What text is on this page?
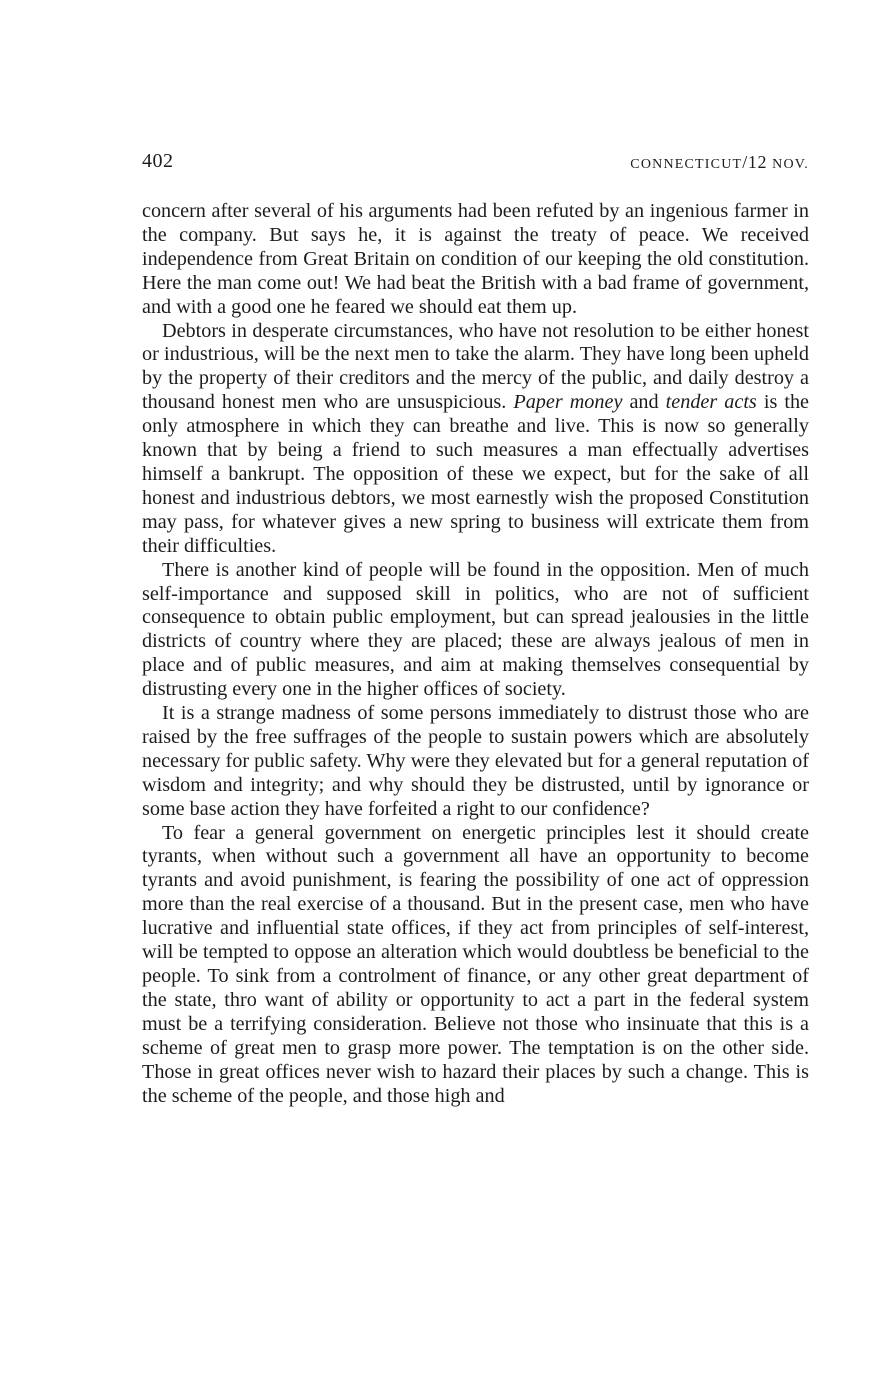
402	CONNECTICUT/12 NOV.

concern after several of his arguments had been refuted by an ingenious farmer in the company. But says he, it is against the treaty of peace. We received independence from Great Britain on condition of our keeping the old constitution. Here the man come out! We had beat the British with a bad frame of government, and with a good one he feared we should eat them up.

Debtors in desperate circumstances, who have not resolution to be either honest or industrious, will be the next men to take the alarm. They have long been upheld by the property of their creditors and the mercy of the public, and daily destroy a thousand honest men who are unsuspicious. Paper money and tender acts is the only atmosphere in which they can breathe and live. This is now so generally known that by being a friend to such measures a man effectually advertises himself a bankrupt. The opposition of these we expect, but for the sake of all honest and industrious debtors, we most earnestly wish the proposed Constitution may pass, for whatever gives a new spring to business will extricate them from their difficulties.

There is another kind of people will be found in the opposition. Men of much self-importance and supposed skill in politics, who are not of sufficient consequence to obtain public employment, but can spread jealousies in the little districts of country where they are placed; these are always jealous of men in place and of public measures, and aim at making themselves consequential by distrusting every one in the higher offices of society.

It is a strange madness of some persons immediately to distrust those who are raised by the free suffrages of the people to sustain powers which are absolutely necessary for public safety. Why were they elevated but for a general reputation of wisdom and integrity; and why should they be distrusted, until by ignorance or some base action they have forfeited a right to our confidence?

To fear a general government on energetic principles lest it should create tyrants, when without such a government all have an opportunity to become tyrants and avoid punishment, is fearing the possibility of one act of oppression more than the real exercise of a thousand. But in the present case, men who have lucrative and influential state offices, if they act from principles of self-interest, will be tempted to oppose an alteration which would doubtless be beneficial to the people. To sink from a controlment of finance, or any other great department of the state, thro want of ability or opportunity to act a part in the federal system must be a terrifying consideration. Believe not those who insinuate that this is a scheme of great men to grasp more power. The temptation is on the other side. Those in great offices never wish to hazard their places by such a change. This is the scheme of the people, and those high and
